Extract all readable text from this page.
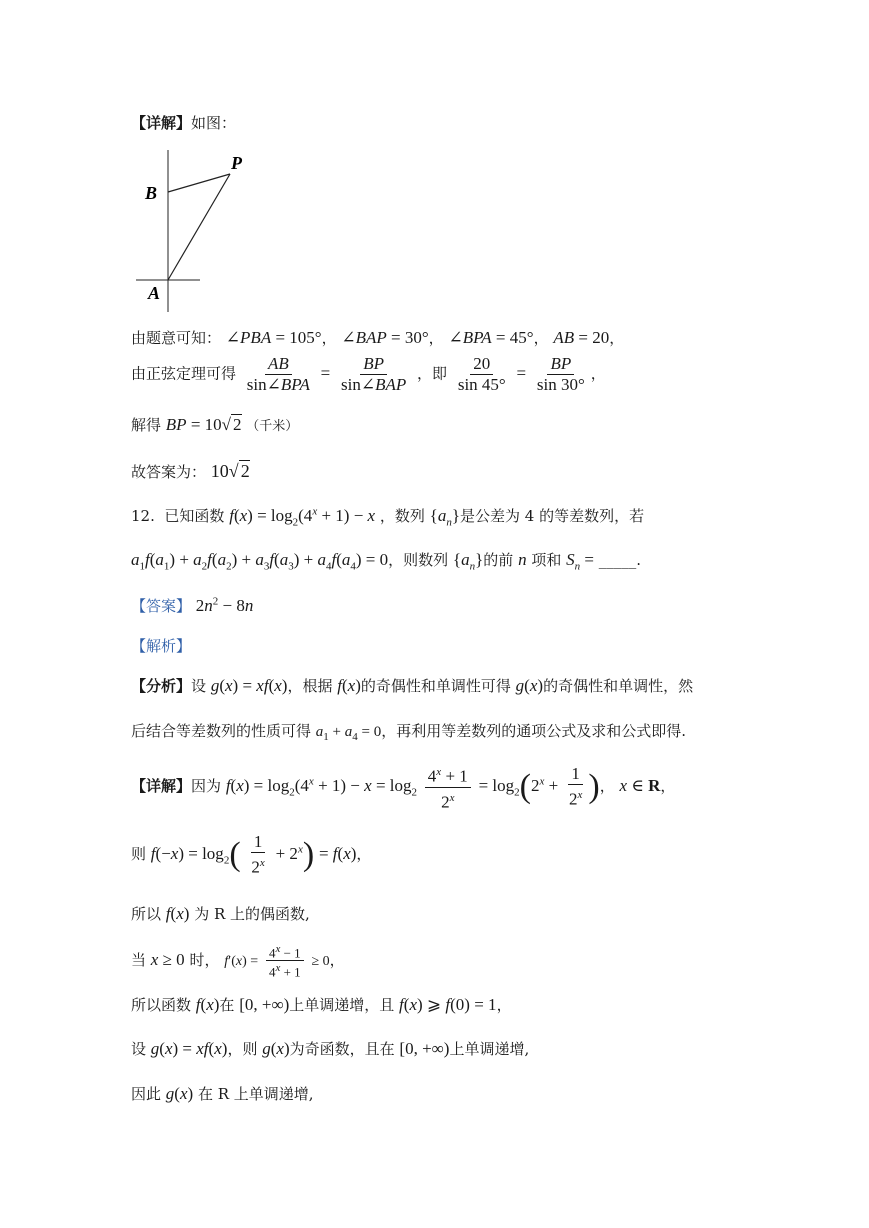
【详解】如图：
B
P
A
由题意可知： ∠PBA = 105°， ∠BAP = 30°， ∠BPA = 45°， AB = 20，
由正弦定理可得 $\frac{AB}{\text{sin∠BPA}} = \frac{BP}{\text{sin∠BAP}}$ ，即 $\frac{20}{\sin 45^\circ} = \frac{BP}{\sin 30^\circ}$ ，
解得 BP = 10√ 2 （千米）
故答案为： 10√ 2
12. 已知函数 $f(x) = \log_2(4^x + 1) - x$ ，数列 $\{a_n\}$是公差为 4 的等差数列，若
$a_1f(a_1) + a_2f(a_2) + a_3f(a_3) + a_4f(a_4) = 0$，则数列 $\{a_n\}$的前 n 项和 $S_n$ = _____.
【答案】 $2n^2 - 8n$
【解析】
【分析】设 g(x) = xf(x)，根据 f(x)的奇偶性和单调性可得 g(x)的奇偶性和单调性，然
后结合等差数列的性质可得 $a_1 + a_4 = 0$，再利用等差数列的通项公式及求和公式即得.
【详解】因为 $f(x) = \log_2(4^x + 1) - x = \log_2 \frac{4^x + 1}{2^x} = \log_2(2^x + \frac{1}{2^x}$ )， x ∈ R，
则 $f(-x) = \log_2( \frac{1}{2^x} + 2^x) = f(x)$，
所以 f(x) 为 R 上的偶函数,
当 x ≥ 0 时， $f'(x) = \frac{4^x - 1}{4^x + 1} \ge 0$，
所以函数 f(x)在 [0, +∞)上单调递增，且 f(x) ⩾ f(0) = 1，
设 g(x) = xf(x)，则 g(x)为奇函数，且在 [0, +∞)上单调递增,
因此 g(x) 在 R 上单调递增,
